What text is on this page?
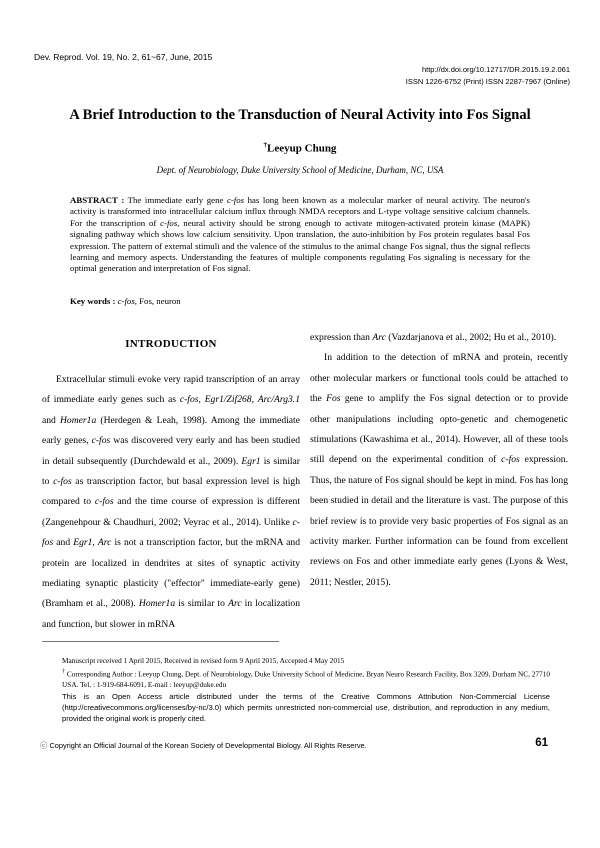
Dev. Reprod. Vol. 19, No. 2, 61~67, June, 2015
http://dx.doi.org/10.12717/DR.2015.19.2.061
ISSN 1226-6752 (Print) ISSN 2287-7967 (Online)
A Brief Introduction to the Transduction of Neural Activity into Fos Signal
†Leeyup Chung
Dept. of Neurobiology, Duke University School of Medicine, Durham, NC, USA
ABSTRACT : The immediate early gene c-fos has long been known as a molecular marker of neural activity. The neuron's activity is transformed into intracellular calcium influx through NMDA receptors and L-type voltage sensitive calcium channels. For the transcription of c-fos, neural activity should be strong enough to activate mitogen-activated protein kinase (MAPK) signaling pathway which shows low calcium sensitivity. Upon translation, the auto-inhibition by Fos protein regulates basal Fos expression. The pattern of external stimuli and the valence of the stimulus to the animal change Fos signal, thus the signal reflects learning and memory aspects. Understanding the features of multiple components regulating Fos signaling is necessary for the optimal generation and interpretation of Fos signal.
Key words : c-fos, Fos, neuron
INTRODUCTION

Extracellular stimuli evoke very rapid transcription of an array of immediate early genes such as c-fos, Egr1/Zif268, Arc/Arg3.1 and Homer1a (Herdegen & Leah, 1998). Among the immediate early genes, c-fos was discovered very early and has been studied in detail subsequently (Durchdewald et al., 2009). Egr1 is similar to c-fos as transcription factor, but basal expression level is high compared to c-fos and the time course of expression is different (Zangenehpour & Chaudhuri, 2002; Veyrac et al., 2014). Unlike c-fos and Egr1, Arc is not a transcription factor, but the mRNA and protein are localized in dendrites at sites of synaptic activity mediating synaptic plasticity ("effector" immediate-early gene) (Bramham et al., 2008). Homer1a is similar to Arc in localization and function, but slower in mRNA

expression than Arc (Vazdarjanova et al., 2002; Hu et al., 2010).

In addition to the detection of mRNA and protein, recently other molecular markers or functional tools could be attached to the Fos gene to amplify the Fos signal detection or to provide other manipulations including opto-genetic and chemogenetic stimulations (Kawashima et al., 2014). However, all of these tools still depend on the experimental condition of c-fos expression. Thus, the nature of Fos signal should be kept in mind. Fos has long been studied in detail and the literature is vast. The purpose of this brief review is to provide very basic properties of Fos signal as an activity marker. Further information can be found from excellent reviews on Fos and other immediate early genes (Lyons & West, 2011; Nestler, 2015).

Manuscript received 1 April 2015, Received in revised form 9 April 2015, Accepted 4 May 2015
† Corresponding Author : Leeyup Chung, Dept. of Neurobiology, Duke University School of Medicine, Bryan Neuro Research Facility, Box 3209, Durham NC, 27710 USA. Tel. : 1-919-684-6091, E-mail : leeyup@duke.edu
This is an Open Access article distributed under the terms of the Creative Commons Attribution Non-Commercial License (http://creativecommons.org/licenses/by-nc/3.0) which permits unrestricted non-commercial use, distribution, and reproduction in any medium, provided the original work is properly cited.
ⓒ Copyright an Official Journal of the Korean Society of Developmental Biology. All Rights Reserve.	61
